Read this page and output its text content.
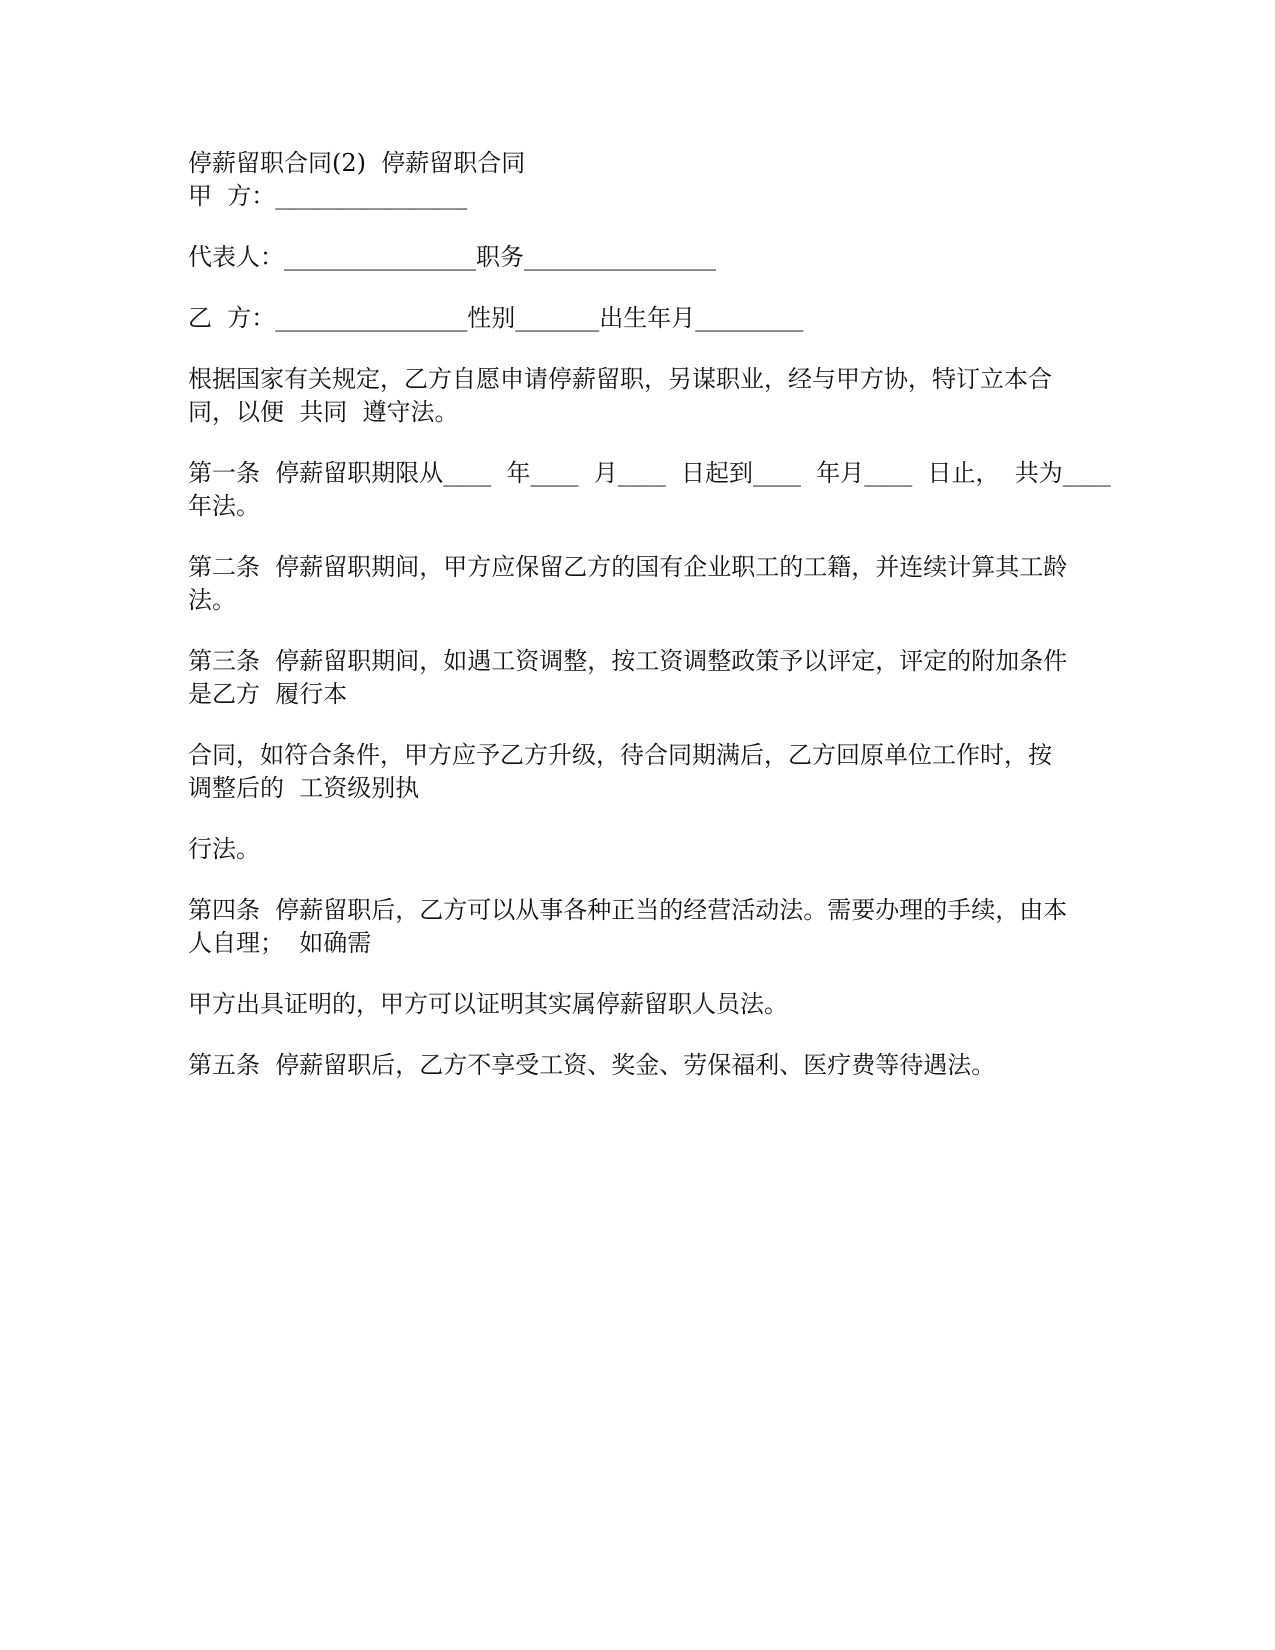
停薪留职合同(2)  停薪留职合同

甲  方：________________

代表人：________________职务________________

乙  方：________________性别_______出生年月_________

根据国家有关规定，乙方自愿申请停薪留职，另谋职业，经与甲方协，特订立本合

同，以便  共同  遵守法。

第一条  停薪留职期限从____  年____  月____  日起到____  年月____  日止，  共为____

年法。

第二条  停薪留职期间，甲方应保留乙方的国有企业职工的工籍，并连续计算其工龄

法。

第三条  停薪留职期间，如遇工资调整，按工资调整政策予以评定，评定的附加条件

是乙方  履行本

合同，如符合条件，甲方应予乙方升级，待合同期满后，乙方回原单位工作时，按

调整后的  工资级别执

行法。

第四条  停薪留职后，乙方可以从事各种正当的经营活动法。需要办理的手续，由本

人自理；  如确需

甲方出具证明的，甲方可以证明其实属停薪留职人员法。

第五条  停薪留职后，乙方不享受工资、奖金、劳保福利、医疗费等待遇法。
